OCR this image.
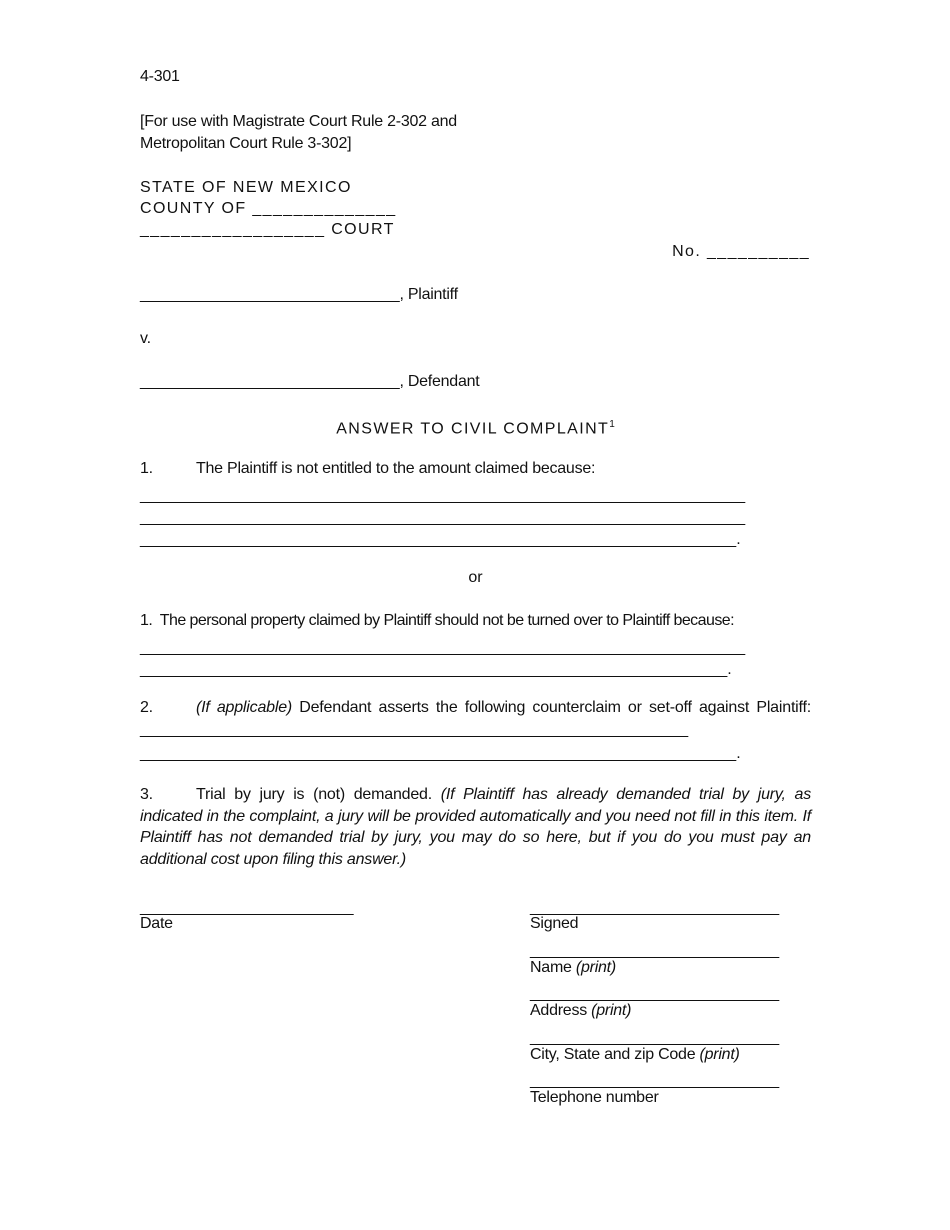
4-301
[For use with Magistrate Court Rule 2-302 and
Metropolitan Court Rule 3-302]
STATE OF NEW MEXICO
COUNTY OF ______________
__________________ COURT
No. __________
______________________________, Plaintiff
v.
______________________________, Defendant
ANSWER TO CIVIL COMPLAINT$^1$
1.	The Plaintiff is not entitled to the amount claimed because:
____________________________________________________________________
____________________________________________________________________
___________________________________________________________________.
or
1.  The personal property claimed by Plaintiff should not be turned over to Plaintiff because:
____________________________________________________________________
__________________________________________________________________.
2.	(If applicable) Defendant asserts the following counterclaim or set-off against Plaintiff: _______________________________________________________________
___________________________________________________________________.
3.	Trial by jury is (not) demanded. (If Plaintiff has already demanded trial by jury, as indicated in the complaint, a jury will be provided automatically and you need not fill in this item. If Plaintiff has not demanded trial by jury, you may do so here, but if you do you must pay an additional cost upon filing this answer.)
________________________
Date
____________________________
Signed
____________________________
Name (print)
____________________________
Address (print)
____________________________
City, State and zip Code (print)
____________________________
Telephone number
